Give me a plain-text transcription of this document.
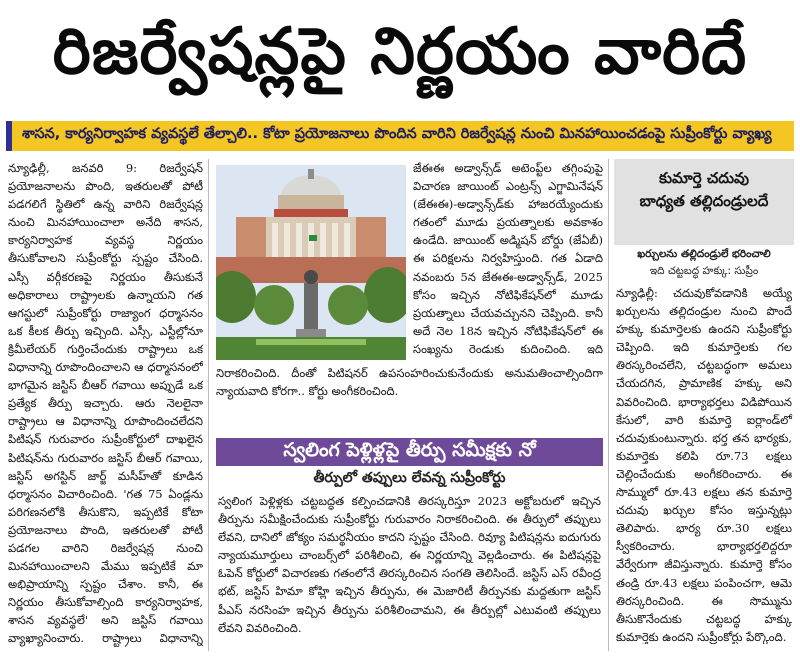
రిజర్వేషన్లపై నిర్ణయం వారిదే
శాసన, కార్యనిర్వాహక వ్యవస్థలే తేల్చాలి.. కోటా ప్రయోజనాలు పొందిన వారిని రిజర్వేషన్ల నుంచి మినహాయించడంపై సుప్రీంకోర్టు వ్యాఖ్య
న్యూఢిల్లీ, జనవరి 9: రిజర్వేషన్ ప్రయోజనాలను పొంది, ఇతరులతో పోటీ పడగలిగే స్థితిలో ఉన్న వారిని రిజర్వేషన్ల నుంచి మినహాయించాలా అనేది శాసన, కార్యనిర్వాహక వ్యవస్థ నిర్ణయం తీసుకోవాలని సుప్రీంకోర్టు స్పష్టం చేసింది. ఎస్సీ వర్గీకరణపై నిర్ణయం తీసుకునే అధికారాలు రాష్ట్రాలకు ఉన్నాయని గత ఆగస్టులో సుప్రీంకోర్టు రాజ్యాంగ ధర్మాసనం ఒక కీలక తీర్పు ఇచ్చింది. ఎస్సీ, ఎస్టీల్లోనూ క్రిమీలేయర్ గుర్తించేందుకు రాష్ట్రాలు ఒక విధానాన్ని రూపొందించాలని ఆ ధర్మాసనంలో భాగమైన జస్టిస్ బీఆర్ గవాయి అప్పుడే ఒక ప్రత్యేక తీర్పు ఇచ్చారు. ఆరు నెలలైనా రాష్ట్రాలు ఆ విధానాన్ని రూపొందించలేదని పిటిషన్ గురువారం సుప్రీంకోర్టులో దాఖలైన పిటిషన్‌ను గురువారం జస్టిస్ బీఆర్ గవాయి, జస్టిస్ అగస్టిన్ జార్జ్ మసీహ్‌తో కూడిన ధర్మాసనం విచారించింది. 'గత 75 ఏండ్లను పరిగణనలోకి తీసుకొని, ఇప్పటికే కోటా ప్రయోజనాలు పొంది, ఇతరులతో పోటీ పడగల వారిని రిజర్వేషన్ల నుంచి మినహాయించాలని మేము ఇప్పటికే మా అభిప్రాయాన్ని స్పష్టం చేశాం. కానీ, ఈ నిర్ణయం తీసుకోవాల్సింది కార్యనిర్వాహక, శాసన వ్యవస్థలే' అని జస్టిస్ గవాయి వ్యాఖ్యానించారు. రాష్ట్రాలు విధానాన్ని
జేఈఈ అడ్వాన్స్‌డ్ అటెంప్ట్‌ల తగ్గింపుపై విచారణ జాయింట్ ఎంట్రన్స్ ఎగ్జామినేషన్ (జేఈఈ)-అడ్వాన్స్‌డ్‌కు హాజరయ్యేందుకు గతంలో మూడు ప్రయత్నాలకు అవకాశం ఉండేది. జాయింట్ అడ్మిషన్ బోర్డు (జేఏబీ) ఈ పరిక్షలను నిర్వహిస్తుంది. గత ఏడాది నవంబరు 5న జేఈఈ-అడ్వాన్స్‌డ్, 2025 కోసం ఇచ్చిన నోటిఫికేషన్‌లో మూడు ప్రయత్నాలు చేయవచ్చునని చెప్పింది. కానీ అదే నెల 18న ఇచ్చిన నోటిఫికేషన్‌లో ఈ సంఖ్యను రెండుకు కుదించింది. ఇది
నిరాకరించింది. దీంతో పిటిషనర్ ఉపసంహరించుకునేందుకు అనుమతించాల్సిందిగా న్యాయవాది కోరగా.. కోర్టు అంగీకరించింది.
స్వలింగ పెళ్లిళ్లపై తీర్పు సమీక్షకు నో
తీర్పులో తప్పులు లేవన్న సుప్రీంకోర్టు
స్వలింగ పెళ్లిళ్లకు చట్టబద్ధత కల్పించడానికి తిరస్కరిస్తూ 2023 అక్టోబరులో ఇచ్చిన తీర్పును సమీక్షించేందుకు సుప్రీంకోర్టు గురువారం నిరాకరించింది. ఈ తీర్పులో తప్పులు లేవని, దానిలో జోక్యం సమర్థనీయం కాదని స్పష్టం చేసింది. రివ్యూ పిటిషన్లను ఐదుగురు న్యాయమూర్తులు చాంబర్స్‌లో పరిశీలించి, ఈ నిర్ణయాన్ని వెల్లడించారు. ఈ పిటిషన్లపై ఓపెన్ కోర్టులో విచారణకు గతంలోనే తిరస్కరించిన సంగతి తెలిసిందే. జస్టిస్ ఎస్ రవీంద్ర భట్, జస్టిస్ హిమా కోహ్లి ఇచ్చిన తీర్పును, ఈ మెజారిటీ తీర్పునకు మద్దతుగా జస్టిస్ పీఎస్ నరసింహ ఇచ్చిన తీర్పును పరిశీలించామని, ఈ తీర్పుల్లో ఎటువంటి తప్పులు లేవని వివరించింది.
కుమార్తె చదువు
బాధ్యత తల్లిదండ్రులదే
ఖర్చులను తల్లిదండ్రులే భరించాలి
ఇది చట్టబద్ధ హక్కు: సుప్రీం
న్యూఢిల్లీ: చదువుకోవడానికి అయ్యే ఖర్చులను తల్లిదండ్రుల నుంచి పొందే హక్కు కుమార్తెలకు ఉందని సుప్రీంకోర్టు చెప్పింది. ఇది కుమార్తెలకు గల తిరస్కరించలేని, చట్టబద్ధంగా అమలు చేయదగిన, ప్రామాణిక హక్కు అని వివరించింది. భార్యాభర్తలు విడిపోయిన కేసులో, వారి కుమార్తె ఐర్లాండ్‌లో చదువుకుంటున్నారు. భర్త తన భార్యకు, కుమార్తెకు కలిపి రూ.73 లక్షలు చెల్లించేందుకు అంగీకరించారు. ఈ సొమ్ములో రూ.43 లక్షలు తన కుమార్తె చదువు ఖర్చుల కోసం ఇస్తున్నట్లు తెలిపారు. భార్య రూ.30 లక్షలు స్వీకరించారు. భార్యాభర్తలిద్దరూ వేర్వేరుగా జీవిస్తున్నారు. కుమార్తె కోసం తండ్రి రూ.43 లక్షలు పంపించగా, ఆమె తిరస్కరించింది. ఈ సొమ్మును తీసుకొనేందుకు చట్టబద్ధ హక్కు కుమార్తెకు ఉందని సుప్రీంకోర్టు పేర్కొంది.
